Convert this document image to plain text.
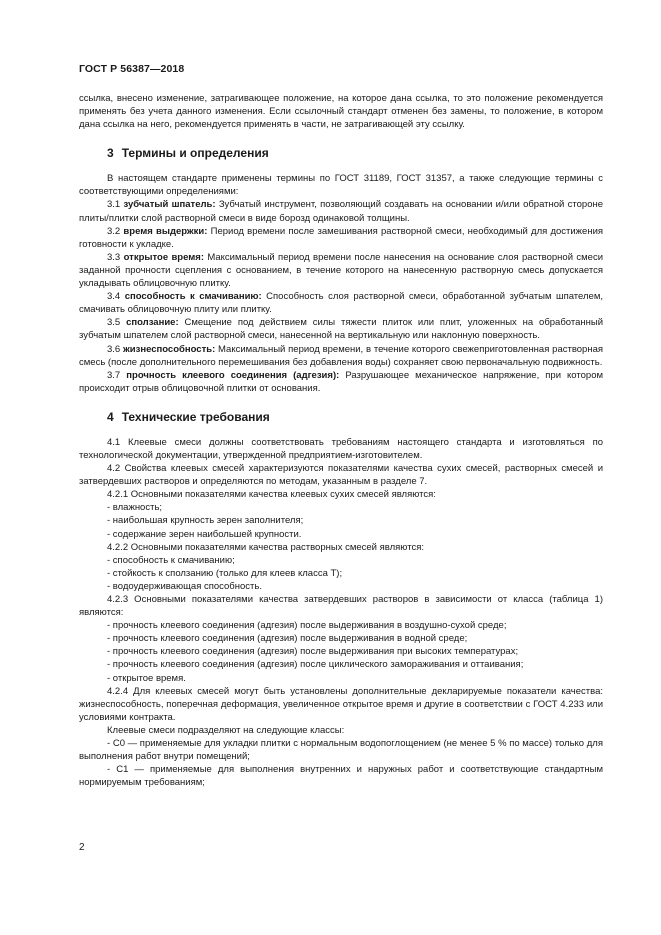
ГОСТ Р 56387—2018

ссылка, внесено изменение, затрагивающее положение, на которое дана ссылка, то это положение рекомендуется применять без учета данного изменения. Если ссылочный стандарт отменен без замены, то положение, в котором дана ссылка на него, рекомендуется применять в части, не затрагивающей эту ссылку.

3 Термины и определения

В настоящем стандарте применены термины по ГОСТ 31189, ГОСТ 31357, а также следующие термины с соответствующими определениями:

3.1 зубчатый шпатель: Зубчатый инструмент, позволяющий создавать на основании и/или обратной стороне плиты/плитки слой растворной смеси в виде борозд одинаковой толщины.

3.2 время выдержки: Период времени после замешивания растворной смеси, необходимый для достижения готовности к укладке.

3.3 открытое время: Максимальный период времени после нанесения на основание слоя растворной смеси заданной прочности сцепления с основанием, в течение которого на нанесенную растворную смесь допускается укладывать облицовочную плитку.

3.4 способность к смачиванию: Способность слоя растворной смеси, обработанной зубчатым шпателем, смачивать облицовочную плиту или плитку.

3.5 сползание: Смещение под действием силы тяжести плиток или плит, уложенных на обработанный зубчатым шпателем слой растворной смеси, нанесенной на вертикальную или наклонную поверхность.

3.6 жизнеспособность: Максимальный период времени, в течение которого свежеприготовленная растворная смесь (после дополнительного перемешивания без добавления воды) сохраняет свою первоначальную подвижность.

3.7 прочность клеевого соединения (адгезия): Разрушающее механическое напряжение, при котором происходит отрыв облицовочной плитки от основания.

4 Технические требования

4.1 Клеевые смеси должны соответствовать требованиям настоящего стандарта и изготовляться по технологической документации, утвержденной предприятием-изготовителем.

4.2 Свойства клеевых смесей характеризуются показателями качества сухих смесей, растворных смесей и затвердевших растворов и определяются по методам, указанным в разделе 7.

4.2.1 Основными показателями качества клеевых сухих смесей являются:

- влажность;

- наибольшая крупность зерен заполнителя;

- содержание зерен наибольшей крупности.

4.2.2 Основными показателями качества растворных смесей являются:

- способность к смачиванию;

- стойкость к сползанию (только для клеев класса Т);

- водоудерживающая способность.

4.2.3 Основными показателями качества затвердевших растворов в зависимости от класса (таблица 1) являются:

- прочность клеевого соединения (адгезия) после выдерживания в воздушно-сухой среде;

- прочность клеевого соединения (адгезия) после выдерживания в водной среде;

- прочность клеевого соединения (адгезия) после выдерживания при высоких температурах;

- прочность клеевого соединения (адгезия) после циклического замораживания и оттаивания;

- открытое время.

4.2.4 Для клеевых смесей могут быть установлены дополнительные декларируемые показатели качества: жизнеспособность, поперечная деформация, увеличенное открытое время и другие в соответствии с ГОСТ 4.233 или условиями контракта.

Клеевые смеси подразделяют на следующие классы:

- С0 — применяемые для укладки плитки с нормальным водопоглощением (не менее 5 % по массе) только для выполнения работ внутри помещений;

- С1 — применяемые для выполнения внутренних и наружных работ и соответствующие стандартным нормируемым требованиям;

2
